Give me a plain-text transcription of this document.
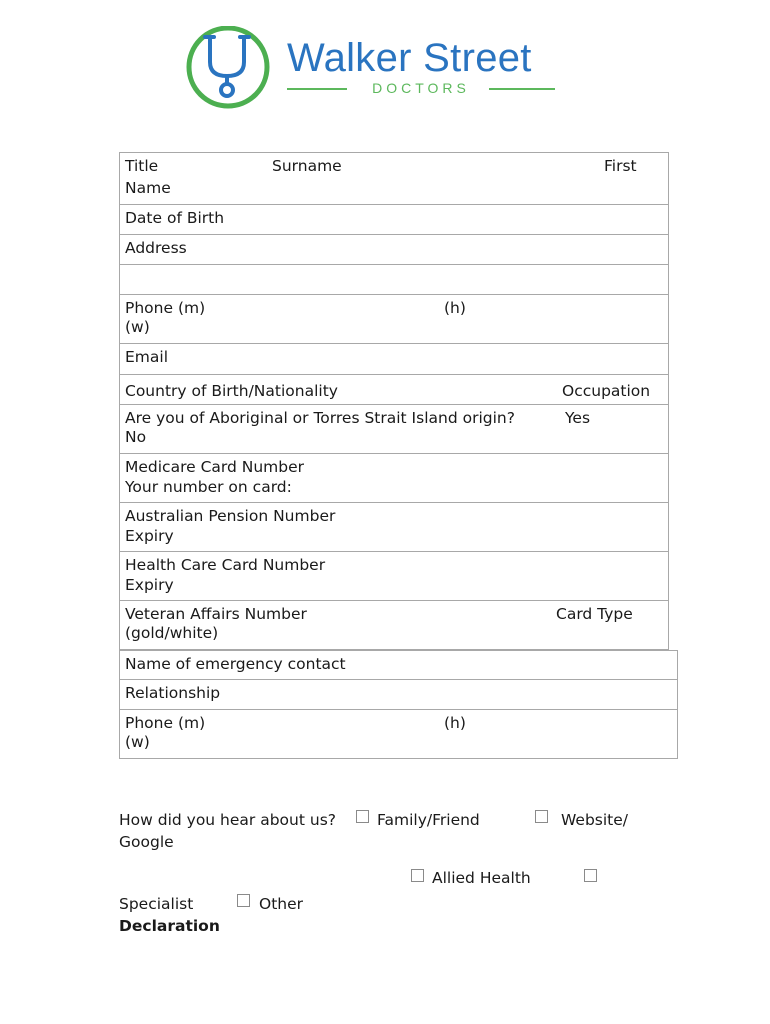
Walker Street
DOCTORS
Title	Surname	First
Name
Date of Birth
Address
Phone (m)	(h)
(w)
Email
Country of Birth/Nationality	Occupation
Are you of Aboriginal or Torres Strait Island origin?	Yes
No
Medicare Card Number
Your number on card:
Australian Pension Number
Expiry
Health Care Card Number
Expiry
Veteran Affairs Number	Card Type
(gold/white)
Name of emergency contact
Relationship
Phone (m)	(h)
(w)
How did you hear about us?	Family/Friend	Website/
Google
Allied Health
Specialist	Other
Declaration
